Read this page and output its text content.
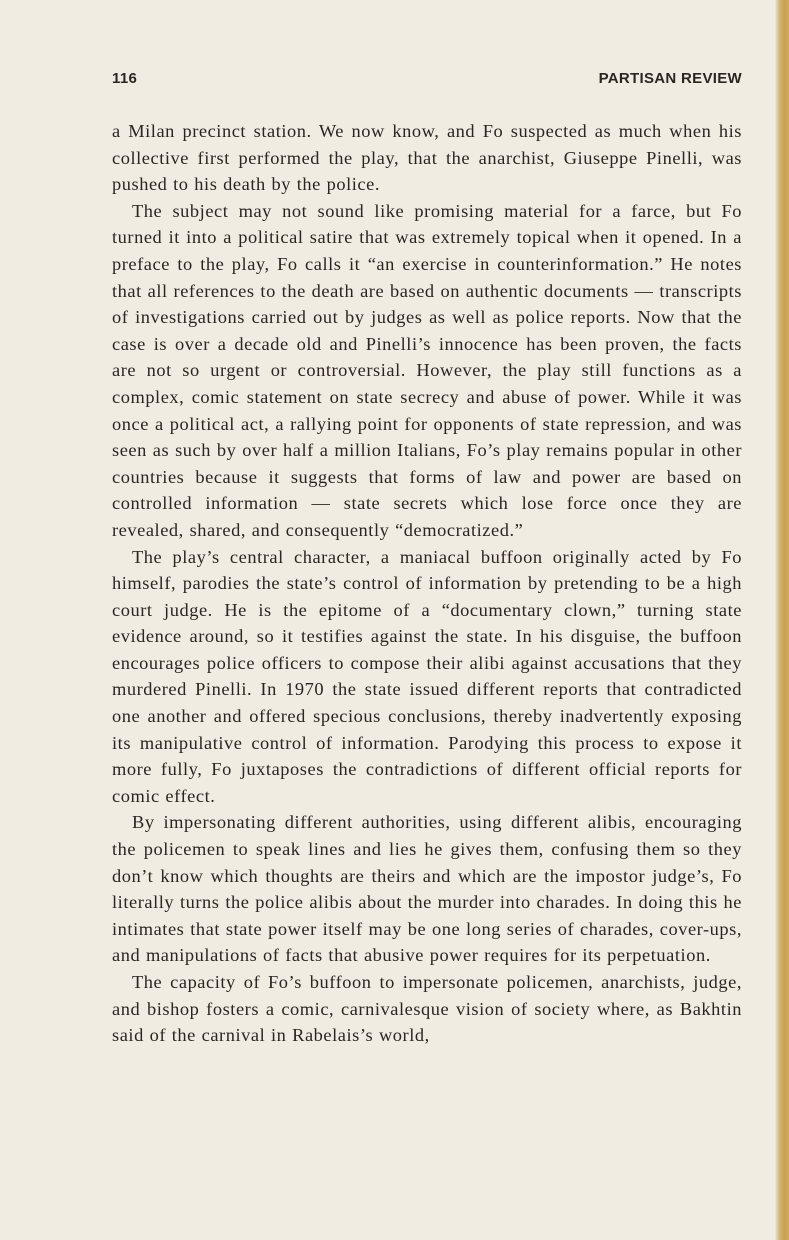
116	PARTISAN REVIEW

a Milan precinct station. We now know, and Fo suspected as much when his collective first performed the play, that the anarchist, Giuseppe Pinelli, was pushed to his death by the police.

The subject may not sound like promising material for a farce, but Fo turned it into a political satire that was extremely topical when it opened. In a preface to the play, Fo calls it “an exercise in counterinformation.” He notes that all references to the death are based on authentic documents — transcripts of investigations carried out by judges as well as police reports. Now that the case is over a decade old and Pinelli’s innocence has been proven, the facts are not so urgent or controversial. However, the play still functions as a complex, comic statement on state secrecy and abuse of power. While it was once a political act, a rallying point for opponents of state repression, and was seen as such by over half a million Italians, Fo’s play remains popular in other countries because it suggests that forms of law and power are based on controlled information — state secrets which lose force once they are revealed, shared, and consequently “democratized.”

The play’s central character, a maniacal buffoon originally acted by Fo himself, parodies the state’s control of information by pretending to be a high court judge. He is the epitome of a “documentary clown,” turning state evidence around, so it testifies against the state. In his disguise, the buffoon encourages police officers to compose their alibi against accusations that they murdered Pinelli. In 1970 the state issued different reports that contradicted one another and offered specious conclusions, thereby inadvertently exposing its manipulative control of information. Parodying this process to expose it more fully, Fo juxtaposes the contradictions of different official reports for comic effect.

By impersonating different authorities, using different alibis, encouraging the policemen to speak lines and lies he gives them, confusing them so they don’t know which thoughts are theirs and which are the impostor judge’s, Fo literally turns the police alibis about the murder into charades. In doing this he intimates that state power itself may be one long series of charades, cover-ups, and manipulations of facts that abusive power requires for its perpetuation.

The capacity of Fo’s buffoon to impersonate policemen, anarchists, judge, and bishop fosters a comic, carnivalesque vision of society where, as Bakhtin said of the carnival in Rabelais’s world,
